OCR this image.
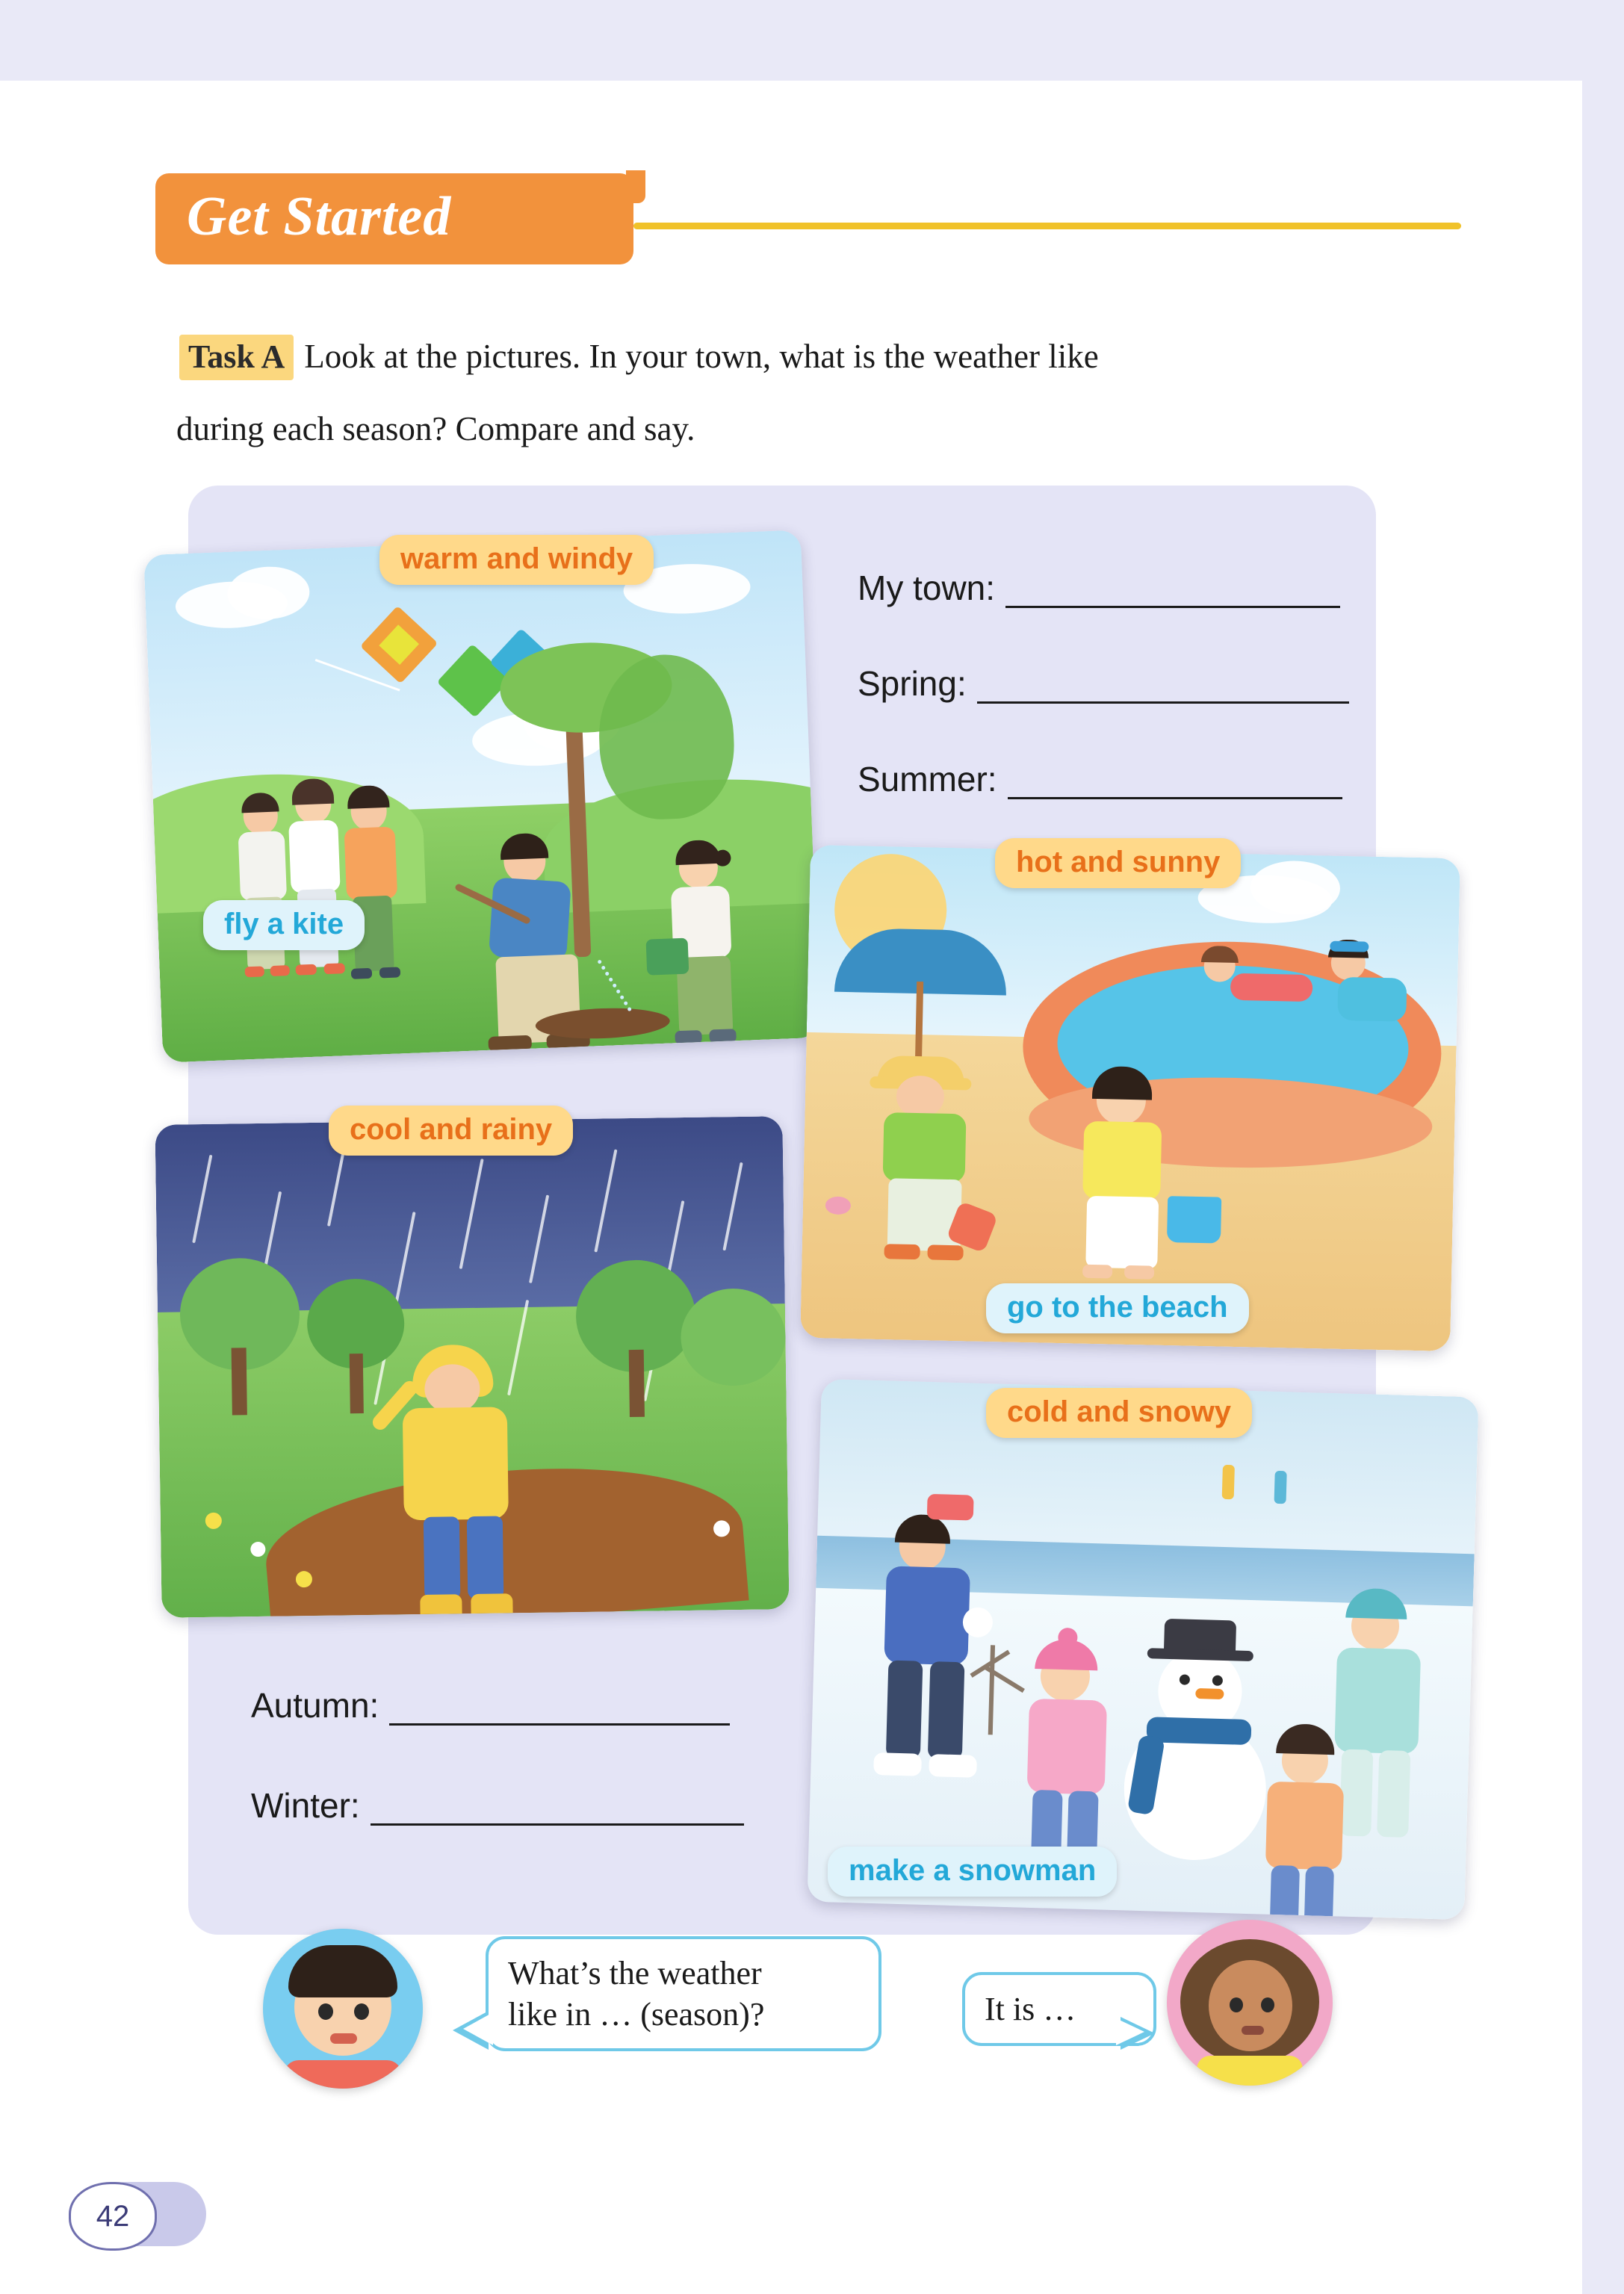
Get Started
Task A Look at the pictures. In your town, what is the weather like
during each season? Compare and say.
warm and windy
fly a kite
hot and sunny
go to the beach
cool and rainy
cold and snowy
make a snowman
My town:
Spring:
Summer:
Autumn:
Winter:
What’s the weather
like in … (season)?	It is …
42
